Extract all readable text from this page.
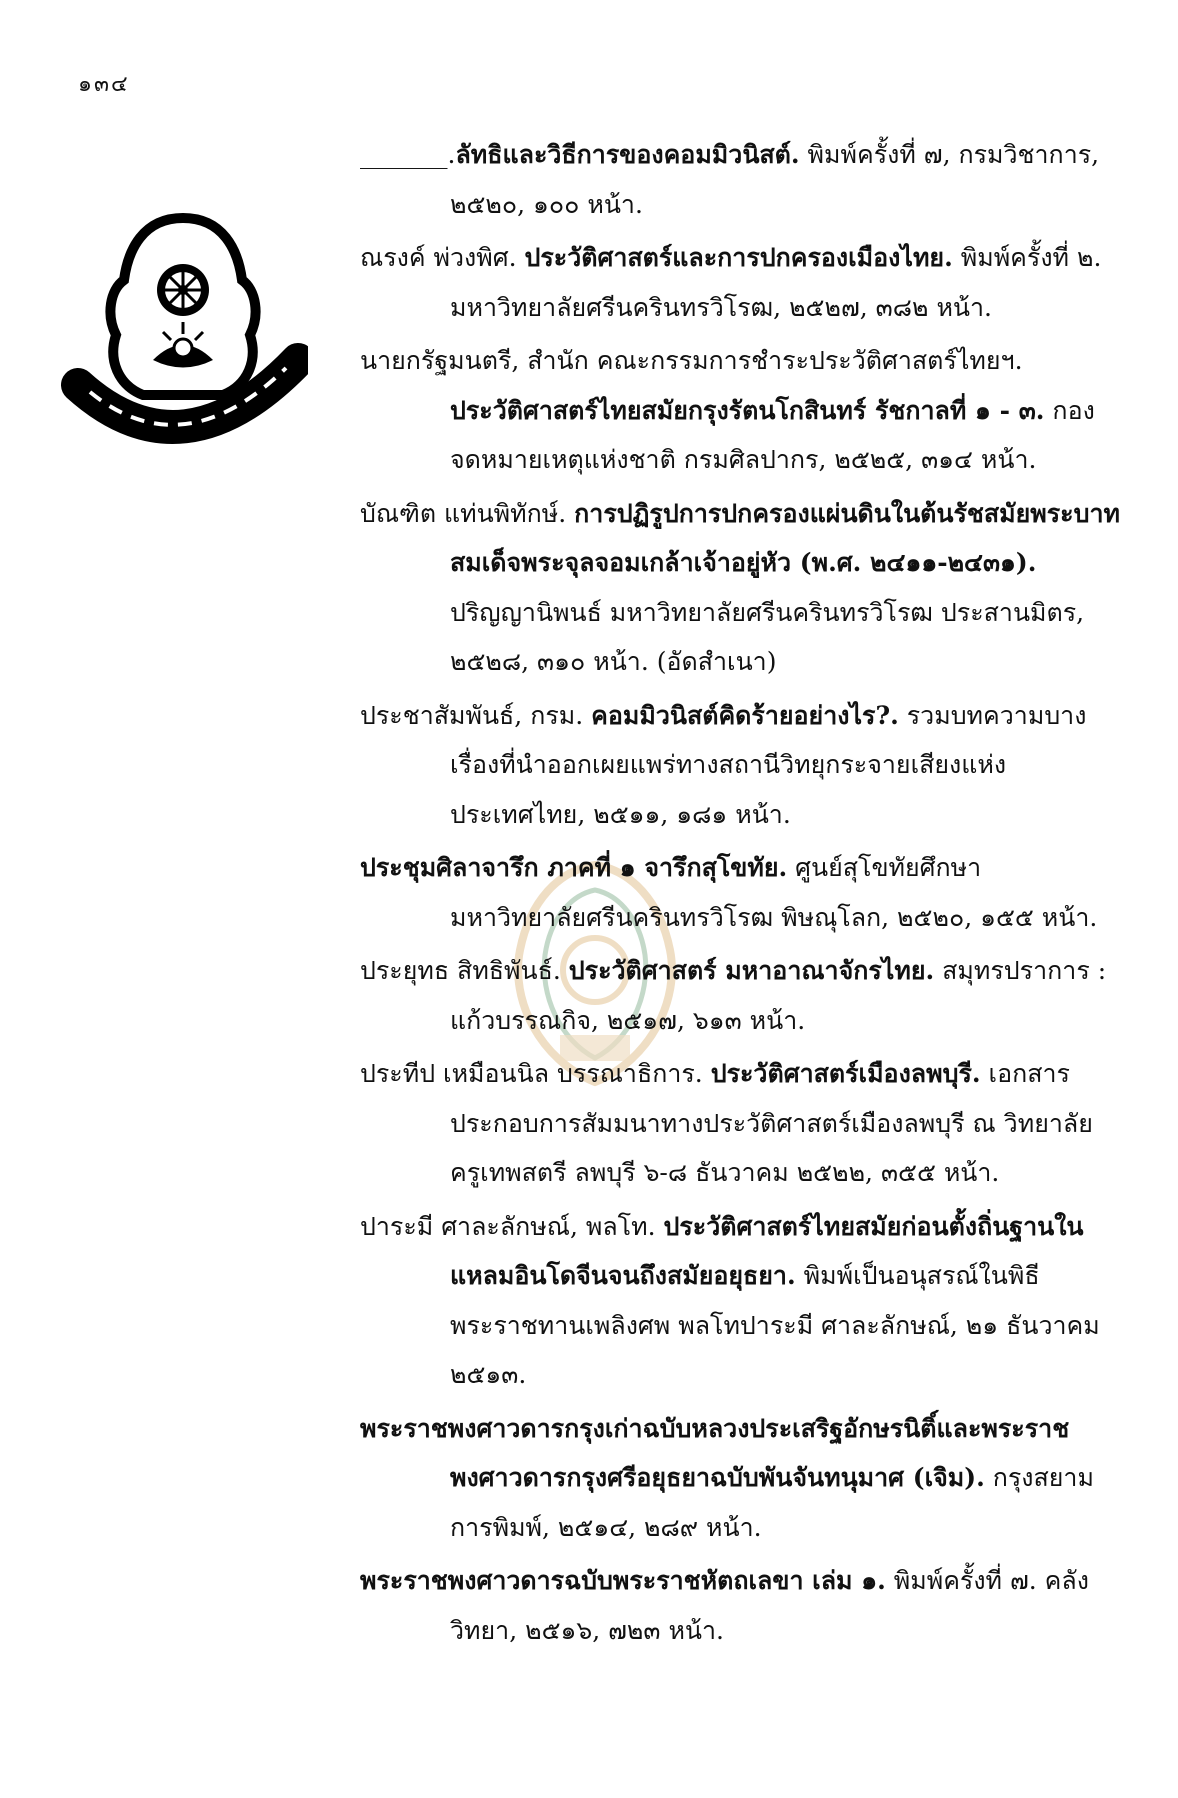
๑๓๔
_______.ลัทธิและวิธีการของคอมมิวนิสต์. พิมพ์ครั้งที่ ๗, กรมวิชาการ, ๒๕๒๐, ๑๐๐ หน้า.
ณรงค์ พ่วงพิศ. ประวัติศาสตร์และการปกครองเมืองไทย. พิมพ์ครั้งที่ ๒. มหาวิทยาลัยศรีนครินทรวิโรฒ, ๒๕๒๗, ๓๘๒ หน้า.
นายกรัฐมนตรี, สำนัก คณะกรรมการชำระประวัติศาสตร์ไทยฯ. ประวัติศาสตร์ไทยสมัยกรุงรัตนโกสินทร์ รัชกาลที่ ๑ - ๓. กองจดหมายเหตุแห่งชาติ กรมศิลปากร, ๒๕๒๕, ๓๑๔ หน้า.
บัณฑิต แท่นพิทักษ์. การปฏิรูปการปกครองแผ่นดินในต้นรัชสมัยพระบาทสมเด็จพระจุลจอมเกล้าเจ้าอยู่หัว (พ.ศ. ๒๔๑๑-๒๔๓๑). ปริญญานิพนธ์ มหาวิทยาลัยศรีนครินทรวิโรฒ ประสานมิตร, ๒๕๒๘, ๓๑๐ หน้า. (อัดสำเนา)
ประชาสัมพันธ์, กรม. คอมมิวนิสต์คิดร้ายอย่างไร?. รวมบทความบางเรื่องที่นำออกเผยแพร่ทางสถานีวิทยุกระจายเสียงแห่งประเทศไทย, ๒๕๑๑, ๑๘๑ หน้า.
ประชุมศิลาจารึก ภาคที่ ๑ จารึกสุโขทัย. ศูนย์สุโขทัยศึกษา มหาวิทยาลัยศรีนครินทรวิโรฒ พิษณุโลก, ๒๕๒๐, ๑๕๕ หน้า.
ประยุทธ สิทธิพันธ์. ประวัติศาสตร์ มหาอาณาจักรไทย. สมุทรปราการ : แก้วบรรณกิจ, ๒๕๑๗, ๖๑๓ หน้า.
ประทีป เหมือนนิล บรรณาธิการ. ประวัติศาสตร์เมืองลพบุรี. เอกสารประกอบการสัมมนาทางประวัติศาสตร์เมืองลพบุรี ณ วิทยาลัยครูเทพสตรี ลพบุรี ๖-๘ ธันวาคม ๒๕๒๒, ๓๕๕ หน้า.
ปาระมี ศาละลักษณ์, พลโท. ประวัติศาสตร์ไทยสมัยก่อนตั้งถิ่นฐานในแหลมอินโดจีนจนถึงสมัยอยุธยา. พิมพ์เป็นอนุสรณ์ในพิธีพระราชทานเพลิงศพ พลโทปาระมี ศาละลักษณ์, ๒๑ ธันวาคม ๒๕๑๓.
พระราชพงศาวดารกรุงเก่าฉบับหลวงประเสริฐอักษรนิติ์และพระราชพงศาวดารกรุงศรีอยุธยาฉบับพันจันทนุมาศ (เจิม). กรุงสยามการพิมพ์, ๒๕๑๔, ๒๘๙ หน้า.
พระราชพงศาวดารฉบับพระราชหัตถเลขา เล่ม ๑. พิมพ์ครั้งที่ ๗. คลังวิทยา, ๒๕๑๖, ๗๒๓ หน้า.
